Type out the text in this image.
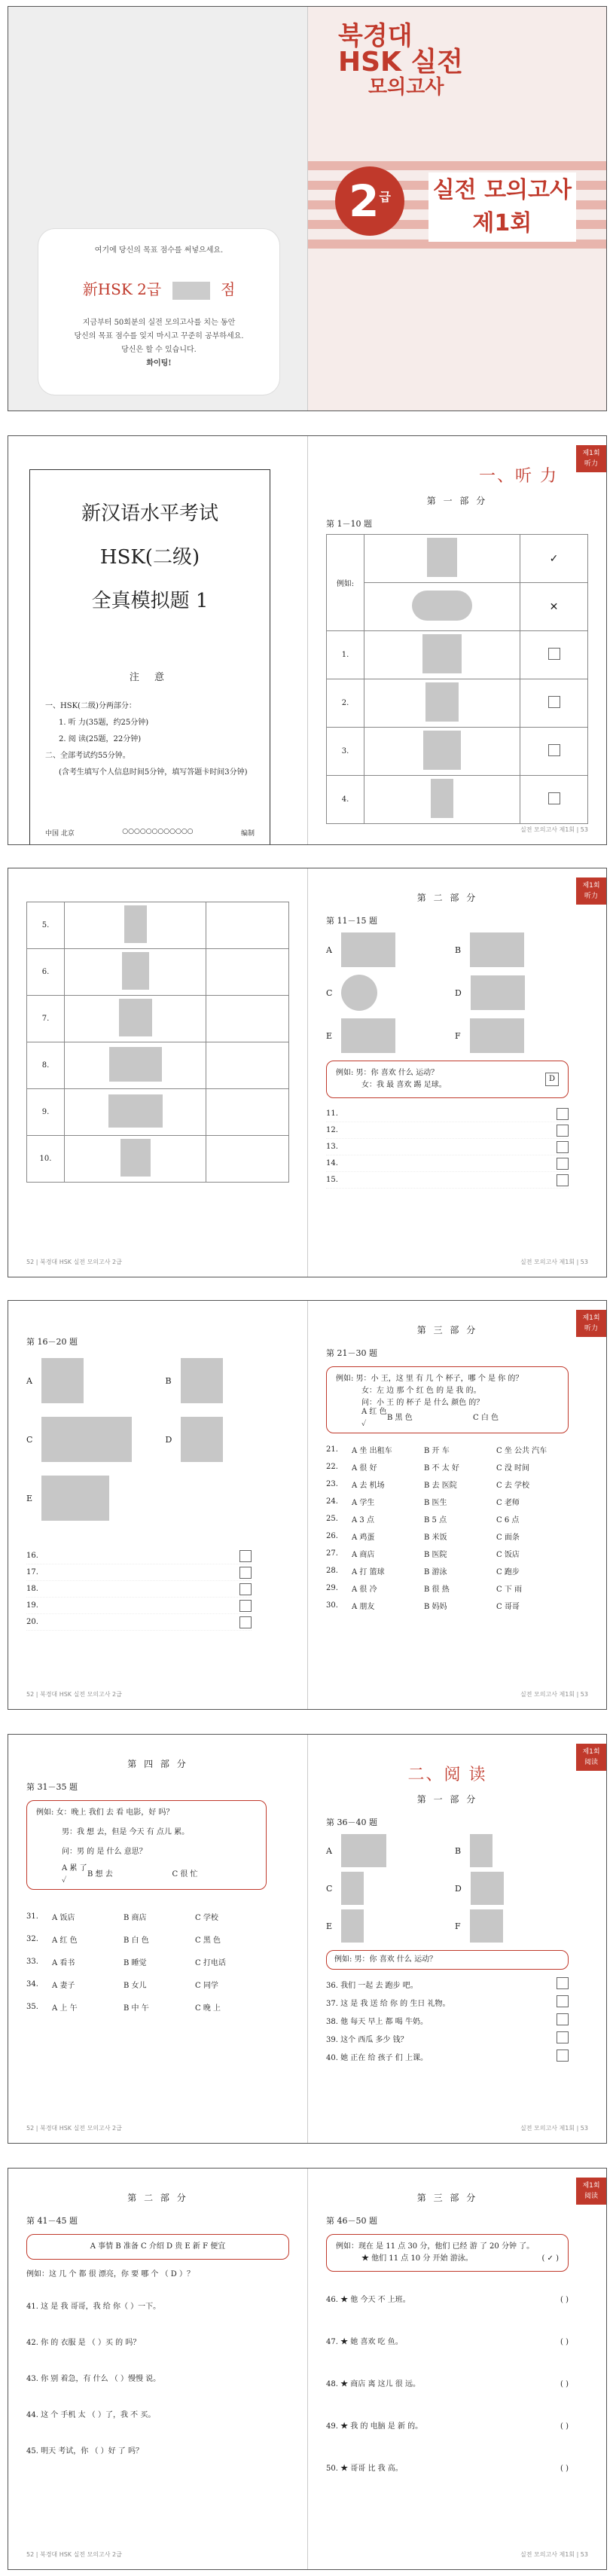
여기에 당신의 목표 점수를 써넣으세요.

新HSK 2급	점

지금부터 50회분의 실전 모의고사를 치는 동안

당신의 목표 점수를 잊지 마시고 꾸준히 공부하세요.

당신은 할 수 있습니다.

화이팅!

북경대
HSK 실전
모의고사
$2^급$	실전 모의고사
제1회
新汉语水平考试
HSK(二级)
全真模拟题 1
注 意
一、HSK(二级)分两部分：
1. 听 力(35题，约25分钟)
2. 阅 读(25题，22分钟)
二、全部考试约55分钟。
(含考生填写个人信息时间5分钟，填写答题卡时间3分钟)
中国 北京	○○○○○○○○○○○○	编制
제1회
听力
一、听 力
第 一 部 分
第 1－10 题
例如:		✓
		✕
1.		
2.		
3.		
4.		
실전 모의고사 제1회 | 53
5.		
6.		
7.		
8.		
9.		
10.		
52 | 북경대 HSK 실전 모의고사 2급
제1회
听力
第 二 部 分
第 11－15 题
A	B
C	D
E	F
例如: 男：你 喜欢 什么 运动？
女：我 最 喜欢 踢 足球。
D
11.
12.
13.
14.
15.
실전 모의고사 제1회 | 53
第 16－20 题
A	B
C	D
E
16.
17.
18.
19.
20.
52 | 북경대 HSK 실전 모의고사 2급
제1회
听力
第 三 部 分
第 21－30 题
例如: 男：小 王，这 里 有 几 个 杯子，哪 个 是 你 的？
女：左 边 那 个 红 色 的 是 我 的。
问：小 王 的 杯子 是 什么 颜色 的？
A 红 色 ✓
B 黑 色	C 白 色
21.	A 坐 出租车	B 开 车	C 坐 公共 汽车
22.	A 很 好	B 不 太 好	C 没 时间
23.	A 去 机场	B 去 医院	C 去 学校
24.	A 学生	B 医生	C 老师
25.	A 3 点	B 5 点	C 6 点
26.	A 鸡蛋	B 米饭	C 面条
27.	A 商店	B 医院	C 饭店
28.	A 打 篮球	B 游泳	C 跑步
29.	A 很 冷	B 很 热	C 下 雨
30.	A 朋友	B 妈妈	C 哥哥
실전 모의고사 제1회 | 53
第 四 部 分
第 31－35 题
例如: 女：晚上 我们 去 看 电影，好 吗？
男：我 想 去，但是 今天 有 点儿 累。
问：男 的 是 什么 意思？
A 累 了 ✓
B 想 去	C 很 忙
31.	A 饭店	B 商店	C 学校
32.	A 红 色	B 白 色	C 黑 色
33.	A 看书	B 睡觉	C 打电话
34.	A 妻子	B 女儿	C 同学
35.	A 上 午	B 中 午	C 晚 上
52 | 북경대 HSK 실전 모의고사 2급
제1회
阅读
二、阅 读
第 一 部 分
第 36－40 题
A	B
C	D
E	F
例如: 男：你 喜欢 什么 运动？
36. 我们 一起 去 跑步 吧。
37. 这 是 我 送 给 你 的 生日 礼物。
38. 他 每天 早上 都 喝 牛奶。
39. 这个 西瓜 多少 钱？
40. 她 正在 给 孩子 们 上课。
실전 모의고사 제1회 | 53
第 二 部 分
第 41－45 题
A 事情 B 准备 C 介绍 D 贵 E 新 F 便宜
例如：这 几 个 都 很 漂亮，你 要 哪 个 （ D ）？
41. 这 是 我 哥哥，我 给 你（ ）一下。
42. 你 的 衣服 是 （ ）买 的 吗？
43. 你 别 着急，有 什么 （ ）慢慢 说。
44. 这 个 手机 太 （ ）了，我 不 买。
45. 明天 考试，你 （ ）好 了 吗？
52 | 북경대 HSK 실전 모의고사 2급
제1회
阅读
第 三 部 分
第 46－50 题
例如：现在 是 11 点 30 分，他们 已经 游 了 20 分钟 了。
★ 他们 11 点 10 分 开始 游泳。	( ✓ )
46. ★ 他 今天 不 上班。	( )
47. ★ 她 喜欢 吃 鱼。	( )
48. ★ 商店 离 这儿 很 远。	( )
49. ★ 我 的 电脑 是 新 的。	( )
50. ★ 哥哥 比 我 高。	( )
실전 모의고사 제1회 | 53
